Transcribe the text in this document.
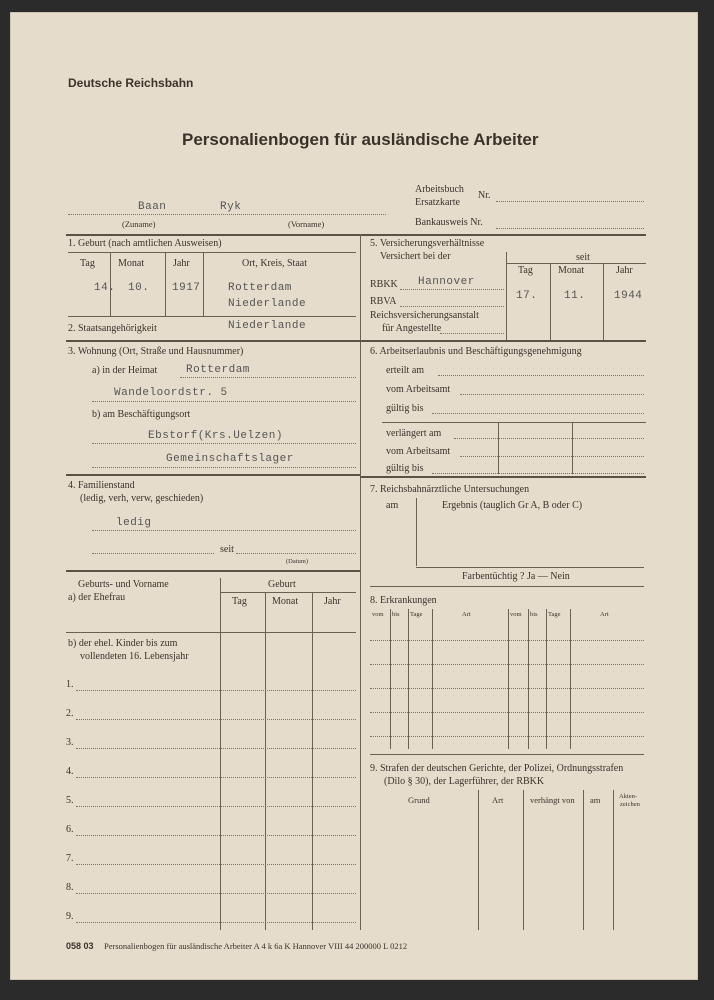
Deutsche Reichsbahn
Personalienbogen für ausländische Arbeiter
Arbeitsbuch
Ersatzkarte
Nr.
Bankausweis Nr.
Baan	Ryk
(Zuname)	(Vorname)
1. Geburt (nach amtlichen Ausweisen)
Tag Monat	Jahr	Ort, Kreis, Staat
14. 10. 1917	Rotterdam
Niederlande
2. Staatsangehörigkeit	Niederlande
3. Wohnung (Ort, Straße und Hausnummer)
a) in der Heimat	Rotterdam
Wandeloordstr. 5
b) am Beschäftigungsort
Ebstorf(Krs.Uelzen)
Gemeinschaftslager
4. Familienstand
(ledig, verh, verw, geschieden)
ledig
seit
(Datum)
Geburts- und Vorname
a) der Ehefrau
Geburt
Tag	Monat	Jahr
b) der ehel. Kinder bis zum
vollendeten 16. Lebensjahr
1.
2.
3.
4.
5.
6.
7.
8.
9.
5. Versicherungsverhältnisse
Versichert bei der	seit
Tag	Monat	Jahr
RBKK Hannover
RBVA
Reichsversicherungsanstalt
für Angestellte
17. 11.	1944
6. Arbeitserlaubnis und Beschäftigungsgenehmigung
erteilt am
vom Arbeitsamt
gültig bis
verlängert am
vom Arbeitsamt
gültig bis
7. Reichsbahnärztliche Untersuchungen
am	Ergebnis (tauglich Gr A, B oder C)
Farbentüchtig ? Ja — Nein
8. Erkrankungen
vom bis Tage	Art	vom bis Tage	Art
9. Strafen der deutschen Gerichte, der Polizei, Ordnungsstrafen
(Dilo § 30), der Lagerführer, der RBKK
Grund	Art	verhängt von am	Akten-
zeichen
058 03 Personalienbogen für ausländische Arbeiter A 4 k 6a K Hannover VIII 44 200000 L 0212
